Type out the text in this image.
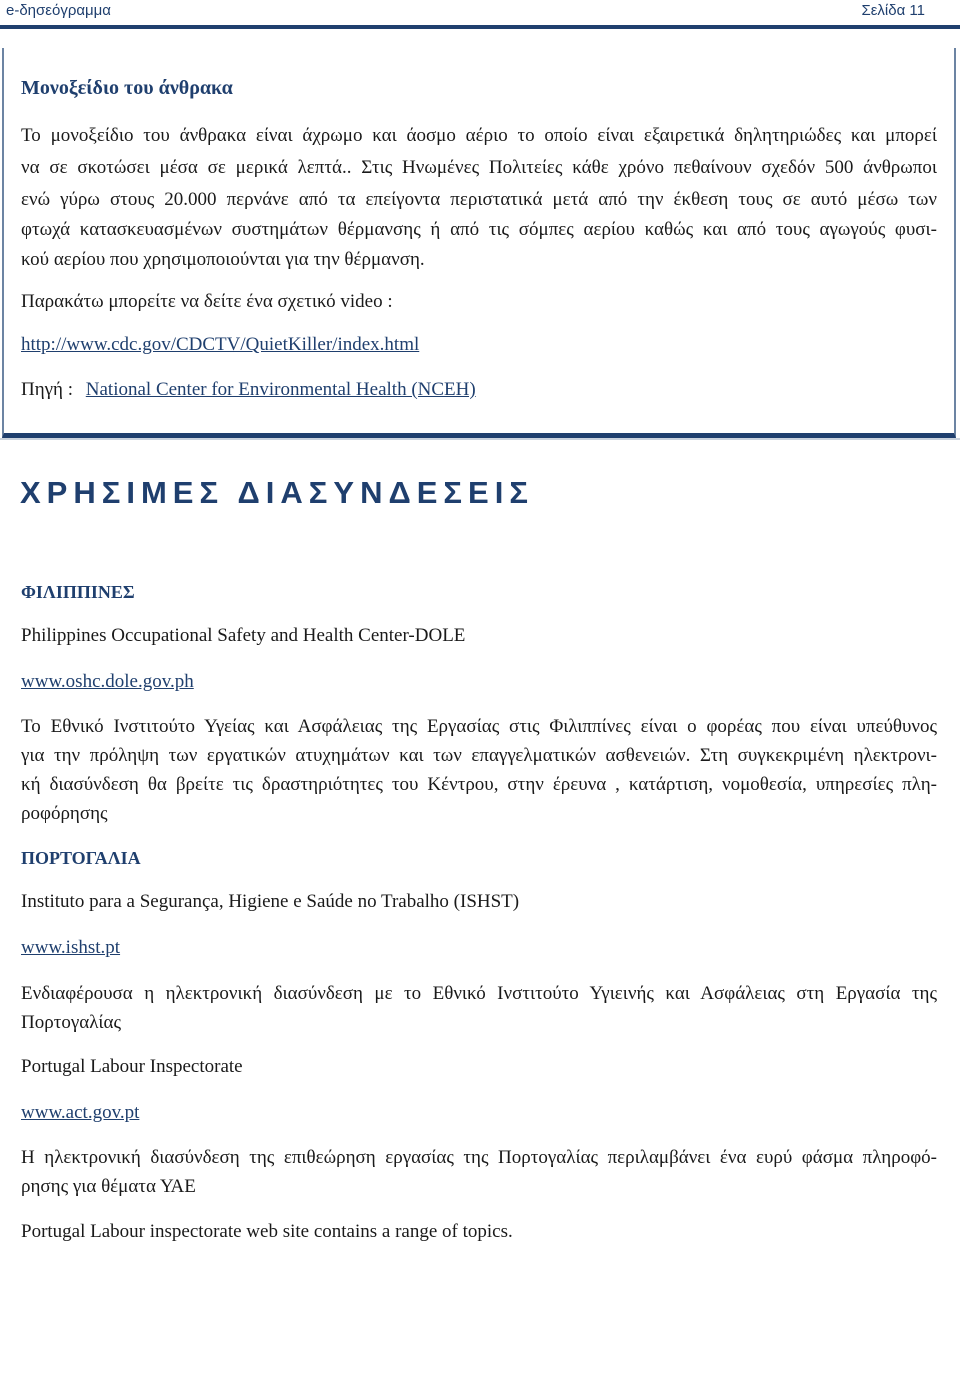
e-δησεόγραμμα	Σελίδα 11
Μονοξείδιο του άνθρακα
Το μονοξείδιο του άνθρακα είναι άχρωμο και άοσμο αέριο το οποίο είναι εξαιρετικά δηλητηριώδες και μπορεί
να σε σκοτώσει μέσα σε μερικά λεπτά.. Στις Ηνωμένες Πολιτείες κάθε χρόνο πεθαίνουν σχεδόν 500 άνθρωποι
ενώ γύρω στους 20.000 περνάνε από τα επείγοντα περιστατικά μετά από την έκθεση τους σε αυτό μέσω των
φτωχά κατασκευασμένων συστημάτων θέρμανσης ή από τις σόμπες αερίου καθώς και από τους αγωγούς φυσι-
κού αερίου που χρησιμοποιούνται για την θέρμανση.
Παρακάτω μπορείτε να δείτε ένα σχετικό video :
http://www.cdc.gov/CDCTV/QuietKiller/index.html
Πηγή : National Center for Environmental Health (NCEH)
ΧΡΗΣΙΜΕΣ ΔΙΑΣΥΝΔΕΣΕΙΣ
ΦΙΛΙΠΠΙΝΕΣ
Philippines Occupational Safety and Health Center-DOLE
www.oshc.dole.gov.ph
Το Εθνικό Ινστιτούτο Υγείας και Ασφάλειας της Εργασίας στις Φιλιππίνες είναι ο φορέας που είναι υπεύθυνος
για την πρόληψη των εργατικών ατυχημάτων και των επαγγελματικών ασθενειών. Στη συγκεκριμένη ηλεκτρονι-
κή διασύνδεση θα βρείτε τις δραστηριότητες του Κέντρου, στην έρευνα , κατάρτιση, νομοθεσία, υπηρεσίες πλη-
ροφόρησης
ΠΟΡΤΟΓΑΛΙΑ
Instituto para a Segurança, Higiene e Saúde no Trabalho (ISHST)
www.ishst.pt
Ενδιαφέρουσα η ηλεκτρονική διασύνδεση με το Εθνικό Ινστιτούτο Υγιεινής και Ασφάλειας στη Εργασία της
Πορτογαλίας
Portugal Labour Inspectorate
www.act.gov.pt
Η ηλεκτρονική διασύνδεση της επιθεώρηση εργασίας της Πορτογαλίας περιλαμβάνει ένα ευρύ φάσμα πληροφό-
ρησης για θέματα ΥΑΕ
Portugal Labour inspectorate web site contains a range of topics.
